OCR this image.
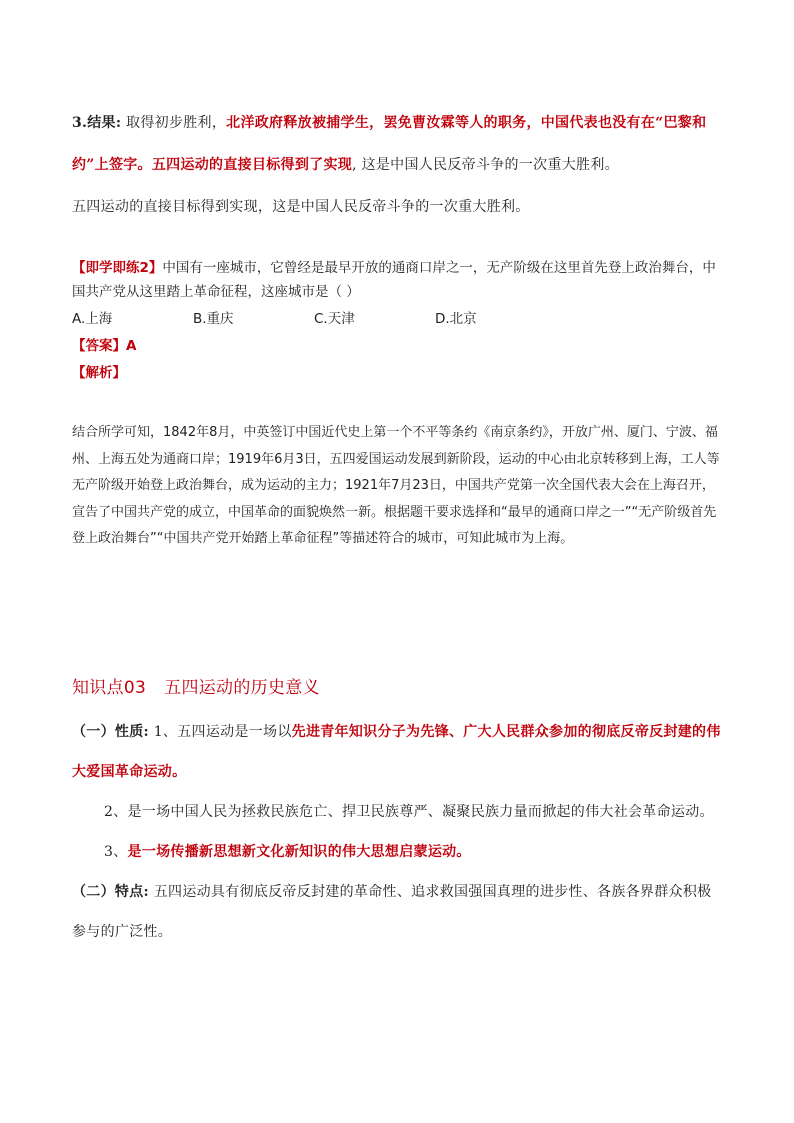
3.结果: 取得初步胜利，北洋政府释放被捕学生，罢免曹汝霖等人的职务，中国代表也没有在“巴黎和约”上签字。五四运动的直接目标得到了实现, 这是中国人民反帝斗争的一次重大胜利。

五四运动的直接目标得到实现，这是中国人民反帝斗争的一次重大胜利。

【即学即练2】中国有一座城市，它曾经是最早开放的通商口岸之一，无产阶级在这里首先登上政治舞台，中国共产党从这里踏上革命征程，这座城市是（ ）

A.上海	B.重庆	C.天津	D.北京

【答案】A

【解析】

结合所学可知，1842年8月，中英签订中国近代史上第一个不平等条约《南京条约》，开放广州、厦门、宁波、福州、上海五处为通商口岸；1919年6月3日，五四爱国运动发展到新阶段，运动的中心由北京转移到上海，工人等无产阶级开始登上政治舞台，成为运动的主力；1921年7月23日，中国共产党第一次全国代表大会在上海召开，宣告了中国共产党的成立，中国革命的面貌焕然一新。根据题干要求选择和“最早的通商口岸之一”“无产阶级首先登上政治舞台”“中国共产党开始踏上革命征程”等描述符合的城市，可知此城市为上海。

知识点03 五四运动的历史意义

（一）性质: 1、五四运动是一场以先进青年知识分子为先锋、广大人民群众参加的彻底反帝反封建的伟大爱国革命运动。

2、是一场中国人民为拯救民族危亡、捍卫民族尊严、凝聚民族力量而掀起的伟大社会革命运动。

3、是一场传播新思想新文化新知识的伟大思想启蒙运动。

（二）特点: 五四运动具有彻底反帝反封建的革命性、追求救国强国真理的进步性、各族各界群众积极参与的广泛性。
